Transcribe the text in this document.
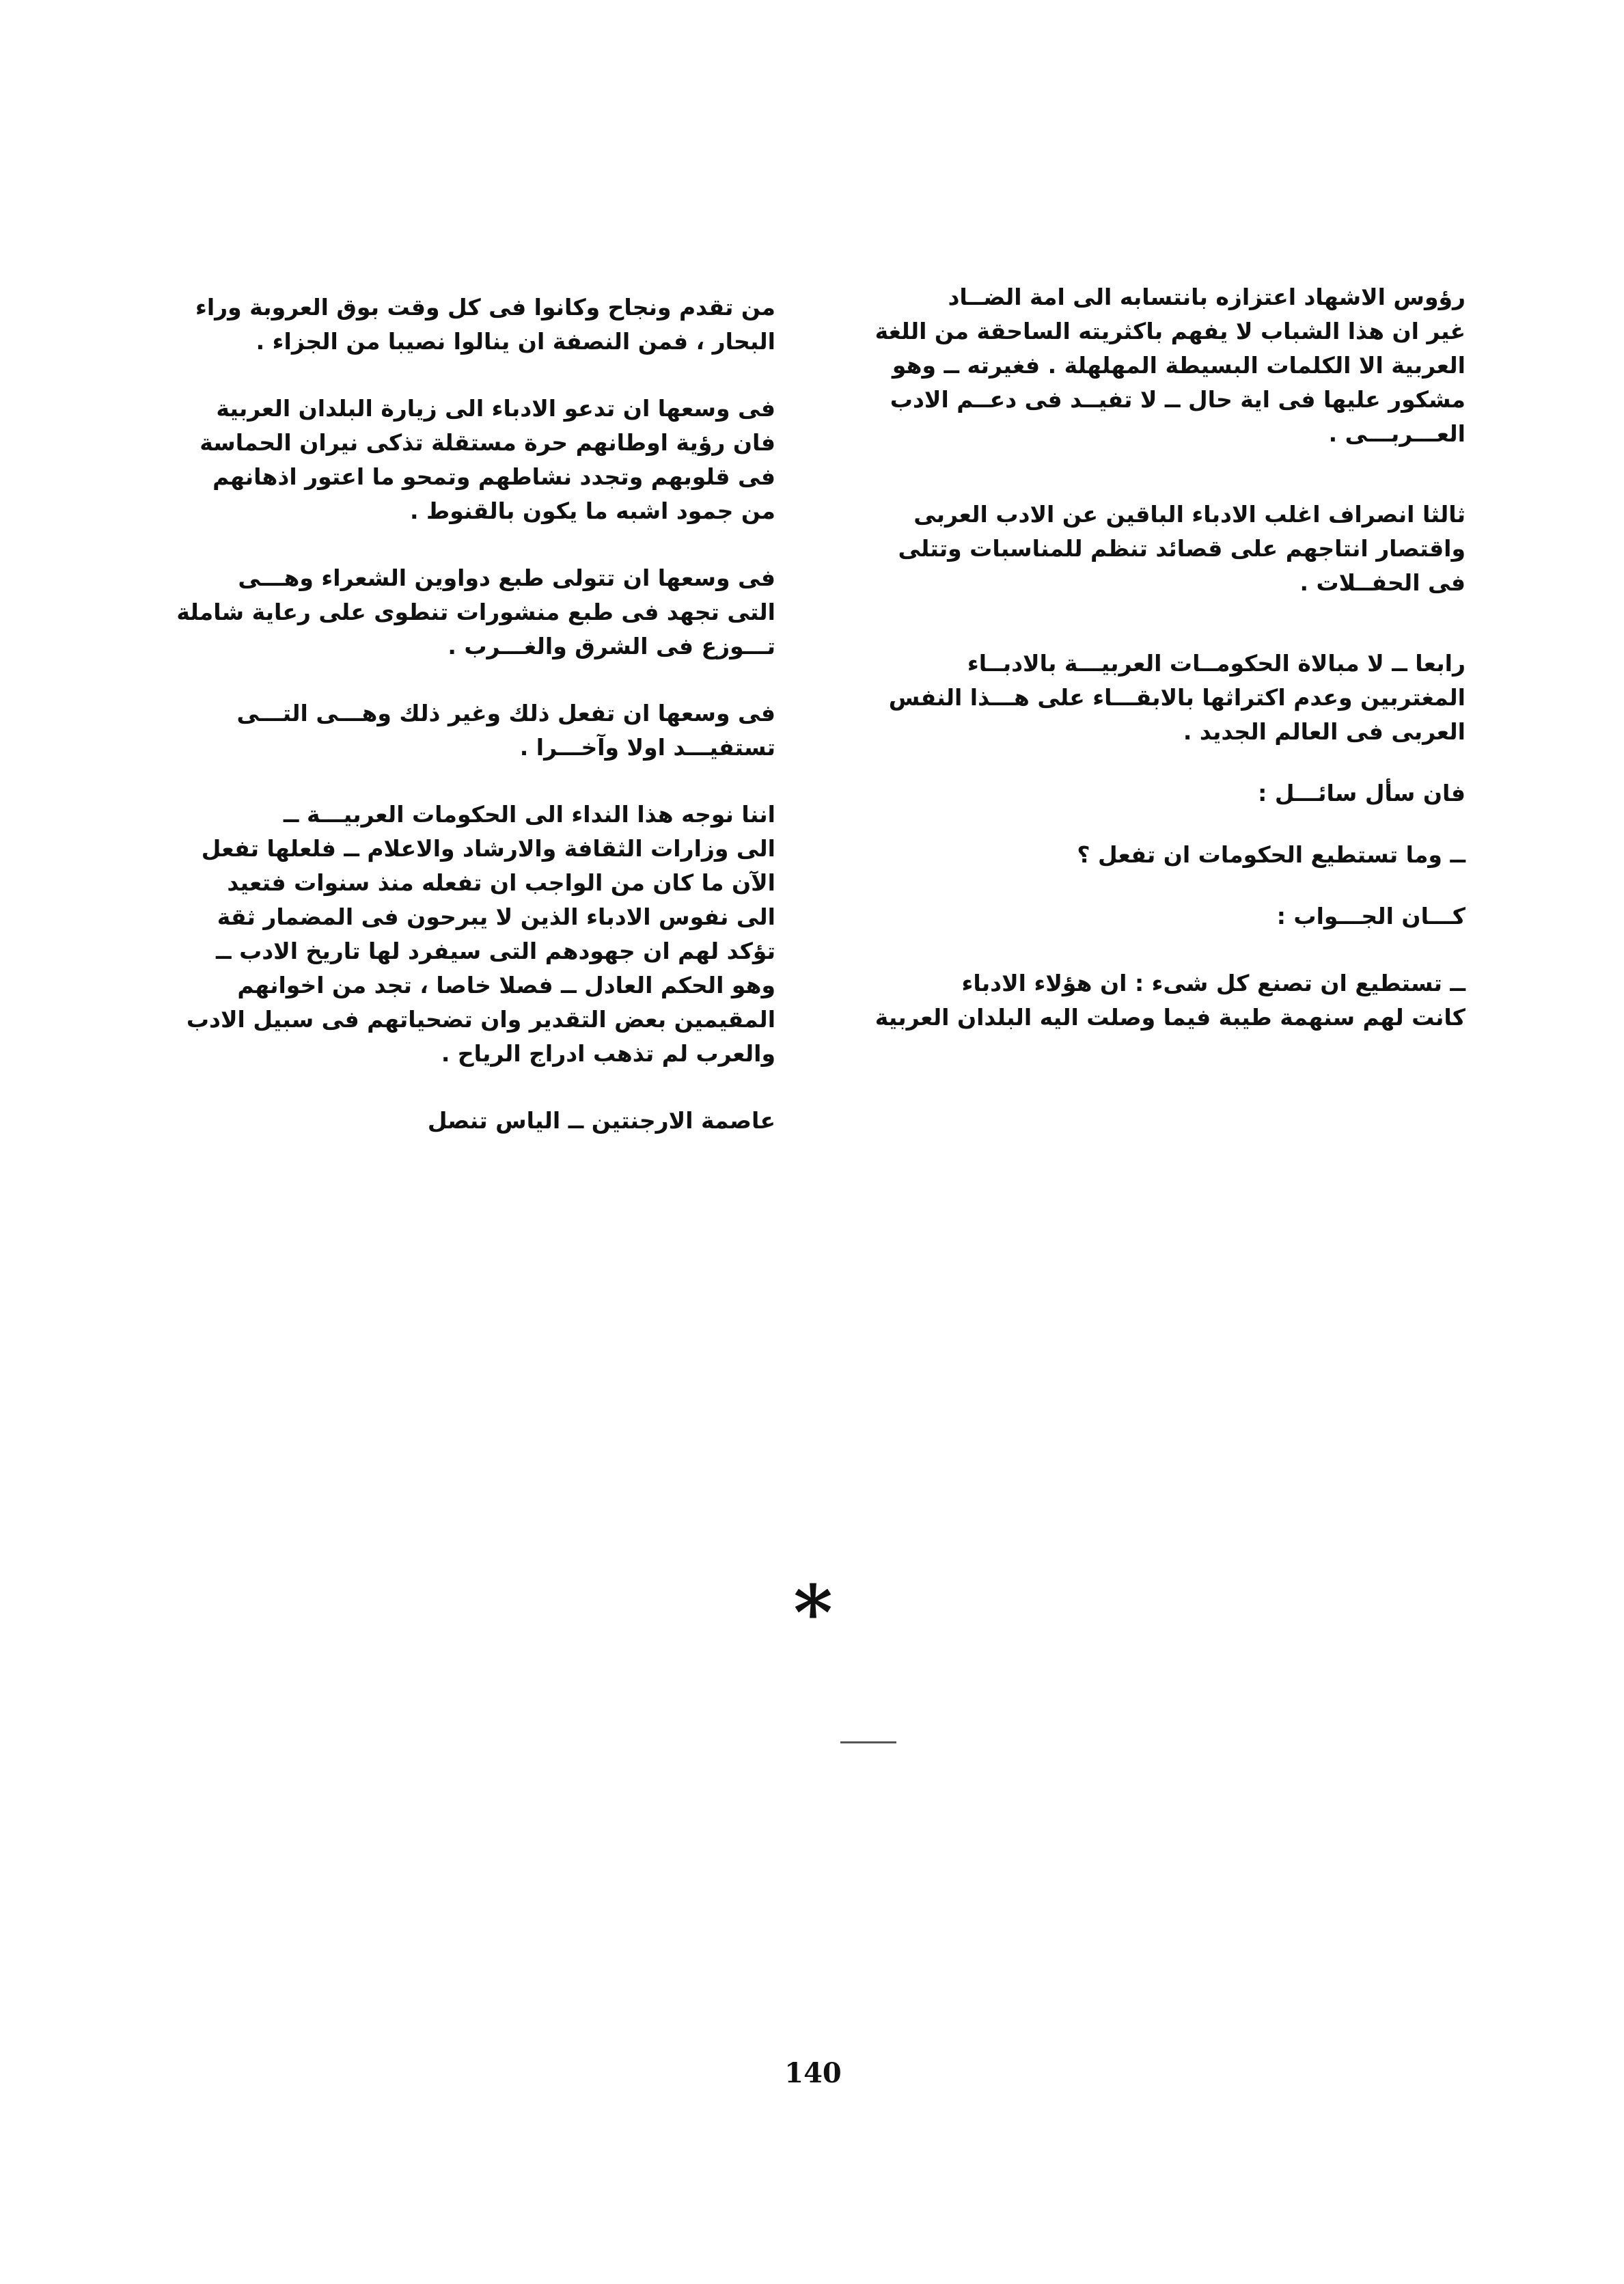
رؤوس الاشهاد اعتزازه بانتسابه الى امة الضــاد
غير ان هذا الشباب لا يفهم باكثريته الساحقة من اللغة
العربية الا الكلمات البسيطة المهلهلة . فغيرته ــ وهو
مشكور عليها فى اية حال ــ لا تفيــد فى دعــم الادب
العـــربـــى .

ثالثا انصراف اغلب الادباء الباقين عن الادب العربى
واقتصار انتاجهم على قصائد تنظم للمناسبات وتتلى
فى الحفــلات .

رابعا ــ لا مبالاة الحكومــات العربيـــة بالادبــاء
المغتربين وعدم اكتراثها بالابقـــاء على هـــذا النفس
العربى فى العالم الجديد .

فان سأل سائـــل :

ــ وما تستطيع الحكومات ان تفعل ؟

كـــان الجـــواب :

ــ تستطيع ان تصنع كل شىء : ان هؤلاء الادباء
كانت لهم سنهمة طيبة فيما وصلت اليه البلدان العربية

من تقدم ونجاح وكانوا فى كل وقت بوق العروبة وراء
البحار ، فمن النصفة ان ينالوا نصيبا من الجزاء .

فى وسعها ان تدعو الادباء الى زيارة البلدان العربية
فان رؤية اوطانهم حرة مستقلة تذكى نيران الحماسة
فى قلوبهم وتجدد نشاطهم وتمحو ما اعتور اذهانهم
من جمود اشبه ما يكون بالقنوط .

فى وسعها ان تتولى طبع دواوين الشعراء وهـــى
التى تجهد فى طبع منشورات تنطوى على رعاية شاملة
تـــوزع فى الشرق والغـــرب .

فى وسعها ان تفعل ذلك وغير ذلك وهـــى التـــى
تستفيـــد اولا وآخـــرا .

اننا نوجه هذا النداء الى الحكومات العربيـــة ــ
الى وزارات الثقافة والارشاد والاعلام ــ فلعلها تفعل
الآن ما كان من الواجب ان تفعله منذ سنوات فتعيد
الى نفوس الادباء الذين لا يبرحون فى المضمار ثقة
تؤكد لهم ان جهودهم التى سيفرد لها تاريخ الادب ــ
وهو الحكم العادل ــ فصلا خاصا ، تجد من اخوانهم
المقيمين بعض التقدير وان تضحياتهم فى سبيل الادب
والعرب لم تذهب ادراج الرياح .

عاصمة الارجنتين ــ الياس تنصل

*
140
